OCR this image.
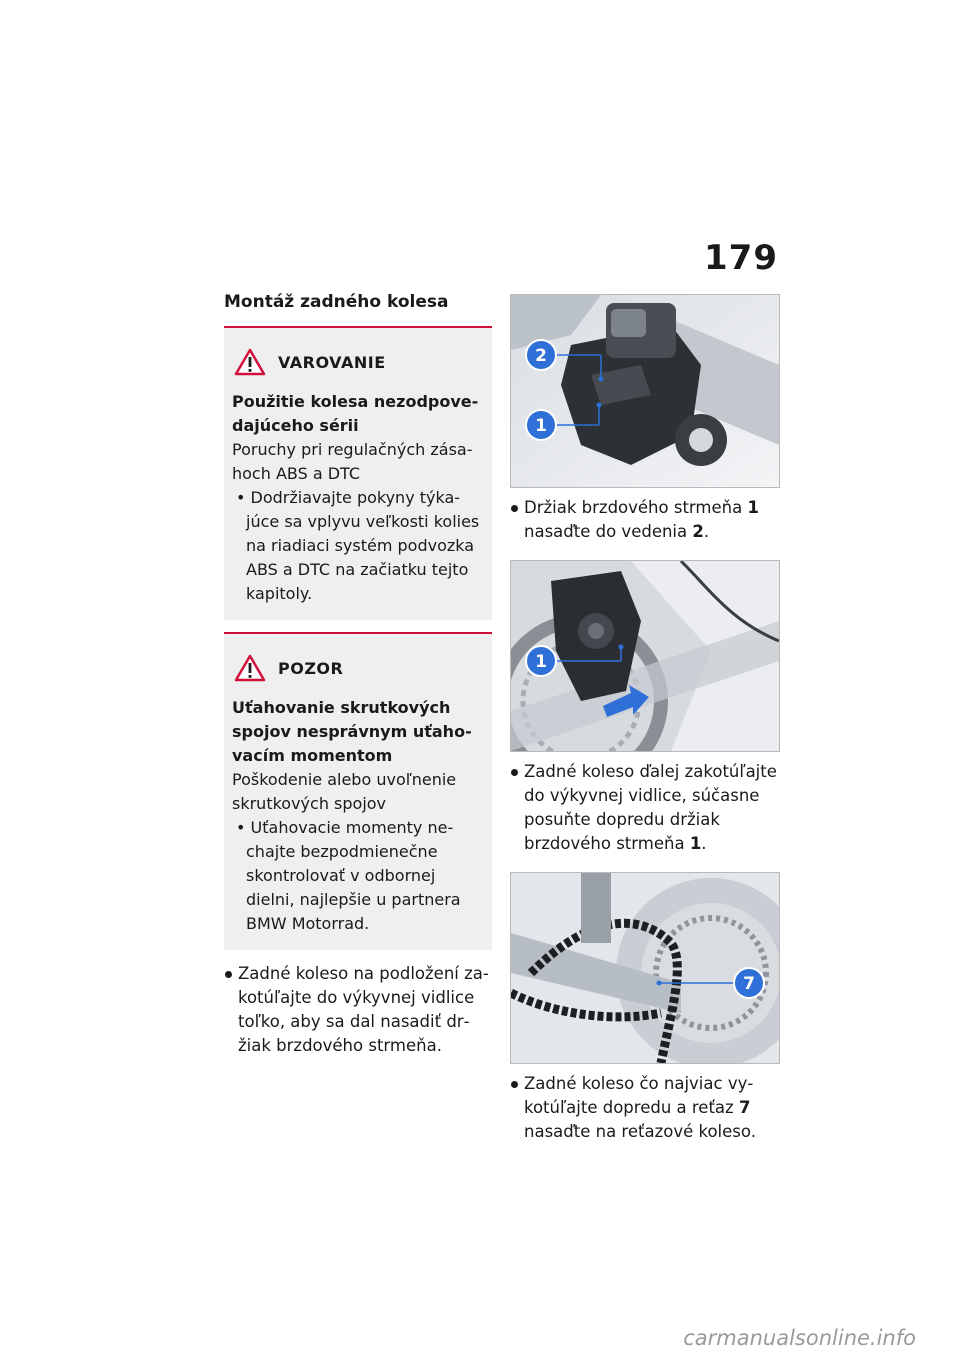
179
Montáž zadného kolesa
VAROVANIE
Použitie kolesa nezodpovedajúceho sérii
Poruchy pri regulačných zásahoch ABS a DTC
• Dodržiavajte pokyny týkajúce sa vplyvu veľkosti kolies na riadiaci systém podvozka ABS a DTC na začiatku tejto kapitoly.
POZOR
Uťahovanie skrutkových spojov nesprávnym uťahovacím momentom
Poškodenie alebo uvoľnenie skrutkových spojov
• Uťahovacie momenty nechajte bezpodmienečne skontrolovať v odbornej dielni, najlepšie u partnera BMW Motorrad.
Zadné koleso na podložení zakotúľajte do výkyvnej vidlice toľko, aby sa dal nasadiť držiak brzdového strmeňa.
2
1
Držiak brzdového strmeňa 1 nasaďte do vedenia 2.
1
Zadné koleso ďalej zakotúľajte do výkyvnej vidlice, súčasne posuňte dopredu držiak brzdového strmeňa 1.
7
Zadné koleso čo najviac vykotúľajte dopredu a reťaz 7 nasaďte na reťazové koleso.
carmanualsonline.info
